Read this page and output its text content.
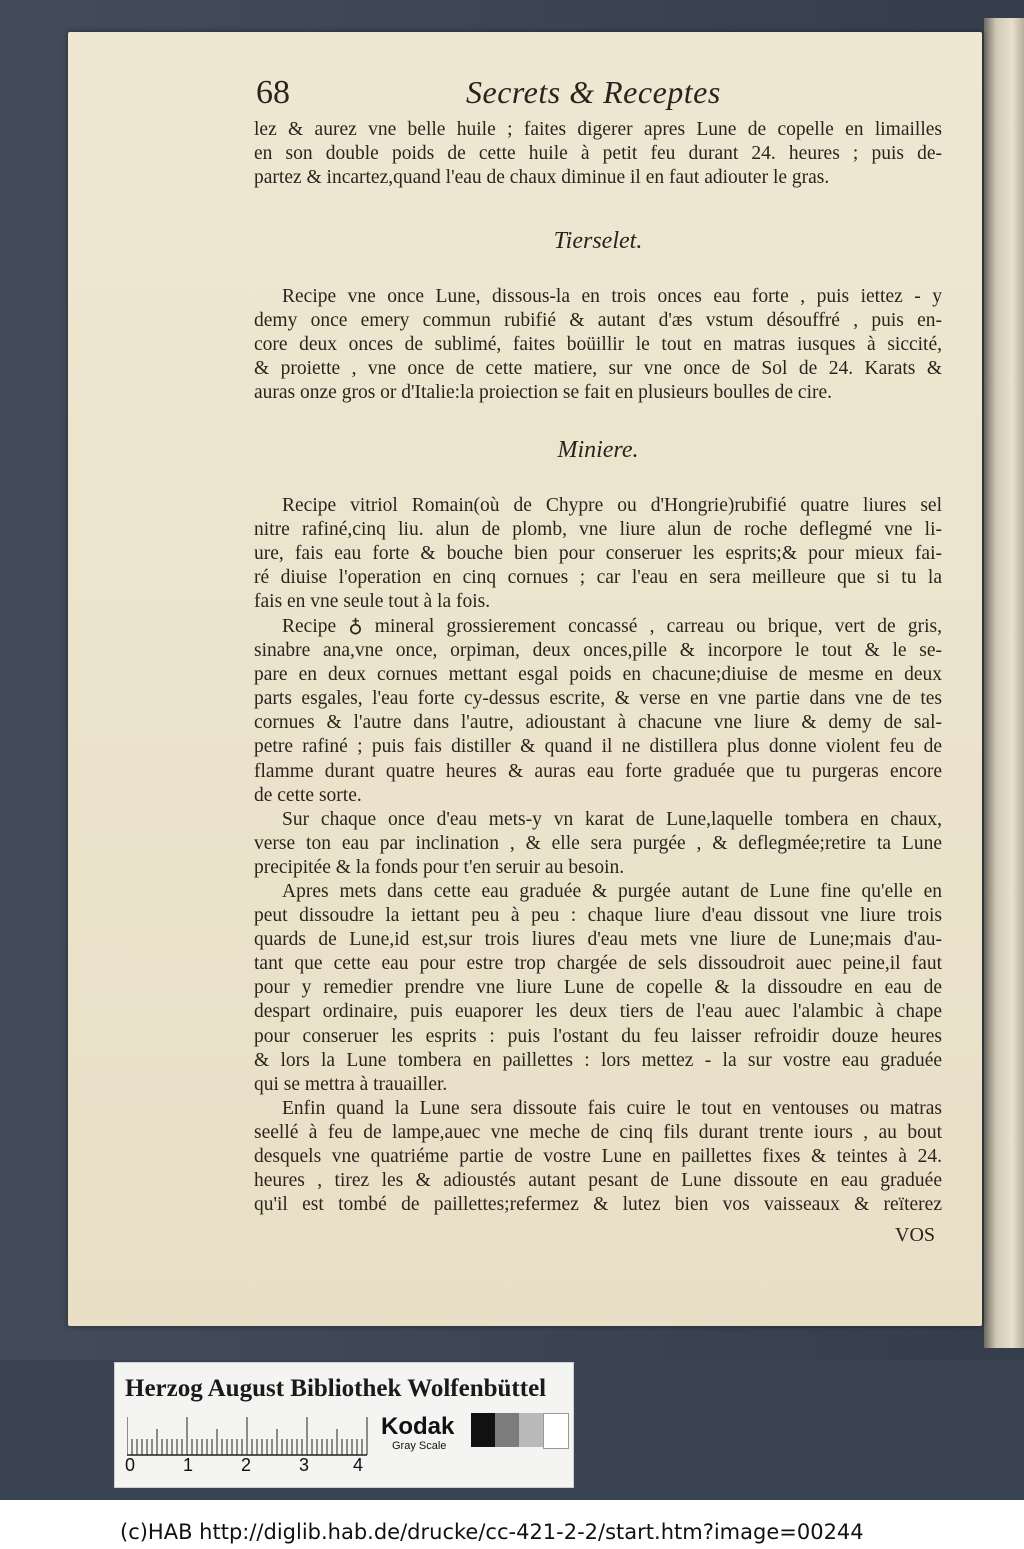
68	Secrets & Receptes
lez & aurez vne belle huile ; faites digerer apres Lune de copelle en limailles
en son double poids de cette huile à petit feu durant 24. heures ; puis de-
partez & incartez,quand l'eau de chaux diminue il en faut adiouter le gras.
Tierselet.
Recipe vne once Lune, dissous-la en trois onces eau forte , puis iettez - y
demy once emery commun rubifié & autant d'æs vstum désouffré , puis en-
core deux onces de sublimé, faites boüillir le tout en matras iusques à siccité,
& proiette , vne once de cette matiere, sur vne once de Sol de 24. Karats &
auras onze gros or d'Italie:la proiection se fait en plusieurs boulles de cire.
Miniere.
Recipe vitriol Romain(où de Chypre ou d'Hongrie)rubifié quatre liures sel
nitre rafiné,cinq liu. alun de plomb, vne liure alun de roche deflegmé vne li-
ure, fais eau forte & bouche bien pour conseruer les esprits;& pour mieux fai-
ré diuise l'operation en cinq cornues ; car l'eau en sera meilleure que si tu la
fais en vne seule tout à la fois.
Recipe ♁ mineral grossierement concassé , carreau ou brique, vert de gris,
sinabre ana,vne once, orpiman, deux onces,pille & incorpore le tout & le se-
pare en deux cornues mettant esgal poids en chacune;diuise de mesme en deux
parts esgales, l'eau forte cy-dessus escrite, & verse en vne partie dans vne de tes
cornues & l'autre dans l'autre, adioustant à chacune vne liure & demy de sal-
petre rafiné ; puis fais distiller & quand il ne distillera plus donne violent feu de
flamme durant quatre heures & auras eau forte graduée que tu purgeras encore
de cette sorte.
Sur chaque once d'eau mets-y vn karat de Lune,laquelle tombera en chaux,
verse ton eau par inclination , & elle sera purgée , & deflegmée;retire ta Lune
precipitée & la fonds pour t'en seruir au besoin.
Apres mets dans cette eau graduée & purgée autant de Lune fine qu'elle en
peut dissoudre la iettant peu à peu : chaque liure d'eau dissout vne liure trois
quards de Lune,id est,sur trois liures d'eau mets vne liure de Lune;mais d'au-
tant que cette eau pour estre trop chargée de sels dissoudroit auec peine,il faut
pour y remedier prendre vne liure Lune de copelle & la dissoudre en eau de
despart ordinaire, puis euaporer les deux tiers de l'eau auec l'alambic à chape
pour conseruer les esprits : puis l'ostant du feu laisser refroidir douze heures
& lors la Lune tombera en paillettes : lors mettez - la sur vostre eau graduée
qui se mettra à trauailler.
Enfin quand la Lune sera dissoute fais cuire le tout en ventouses ou matras
seellé à feu de lampe,auec vne meche de cinq fils durant trente iours , au bout
desquels vne quatriéme partie de vostre Lune en paillettes fixes & teintes à 24.
heures , tirez les & adioustés autant pesant de Lune dissoute en eau graduée
qu'il est tombé de paillettes;refermez & lutez bien vos vaisseaux & reïterez
VOS
Herzog August Bibliothek Wolfenbüttel
0	1	2	3 4
Kodak
Gray Scale
(c)HAB http://diglib.hab.de/drucke/cc-421-2-2/start.htm?image=00244
